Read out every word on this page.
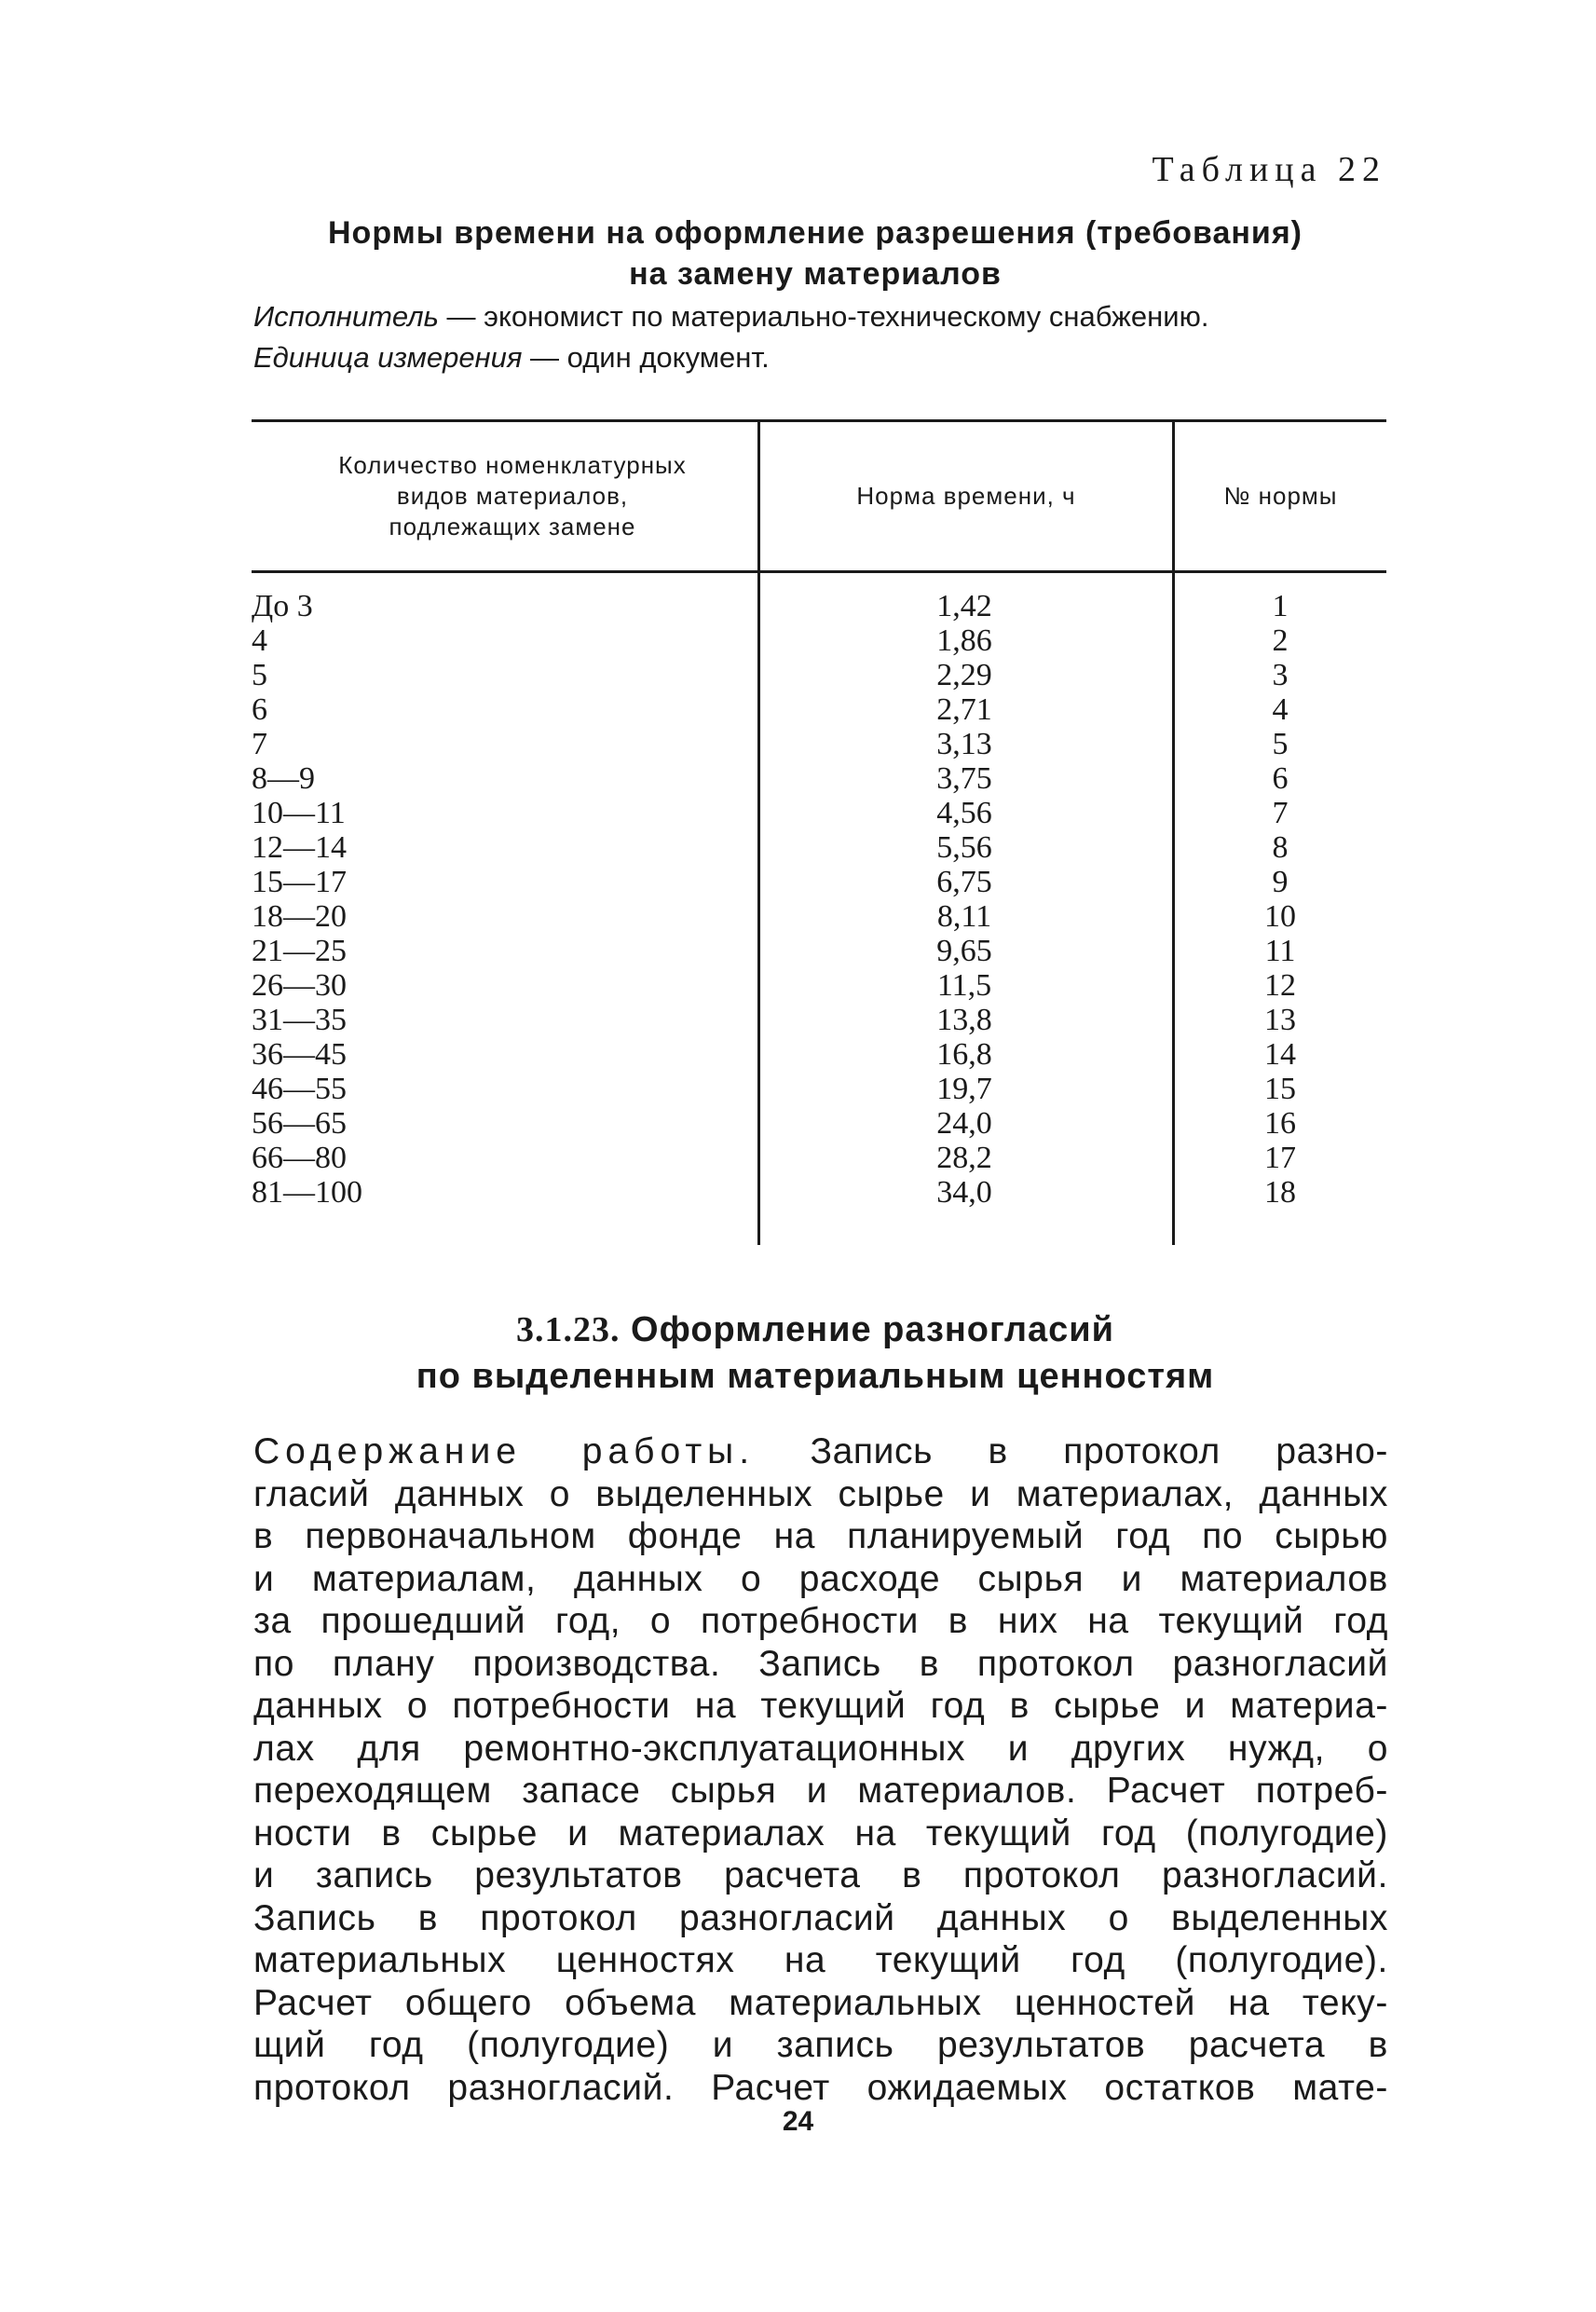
Таблица 22
Нормы времени на оформление разрешения (требования)
на замену материалов
Исполнитель — экономист по материально-техническому снабжению.
Единица измерения — один документ.
Количество номенклатурных
видов материалов,
подлежащих замене
Норма времени, ч	№ нормы
До 3
4
5
6
7
8—9
10—11
12—14
15—17
18—20
21—25
26—30
31—35
36—45
46—55
56—65
66—80
81—100
1,42
1,86
2,29
2,71
3,13
3,75
4,56
5,56
6,75
8,11
9,65
11,5
13,8
16,8
19,7
24,0
28,2
34,0
1
2
3
4
5
6
7
8
9
10
11
12
13
14
15
16
17
18
3.1.23. Оформление разногласий
по выделенным материальным ценностям
Содержание работы. Запись в протокол разно-
гласий данных о выделенных сырье и материалах, данных
в первоначальном фонде на планируемый год по сырью
и материалам, данных о расходе сырья и материалов
за прошедший год, о потребности в них на текущий год
по плану производства. Запись в протокол разногласий
данных о потребности на текущий год в сырье и материа-
лах для ремонтно-эксплуатационных и других нужд, о
переходящем запасе сырья и материалов. Расчет потреб-
ности в сырье и материалах на текущий год (полугодие)
и запись результатов расчета в протокол разногласий.
Запись в протокол разногласий данных о выделенных
материальных ценностях на текущий год (полугодие).
Расчет общего объема материальных ценностей на теку-
щий год (полугодие) и запись результатов расчета в
протокол разногласий. Расчет ожидаемых остатков мате-
24
